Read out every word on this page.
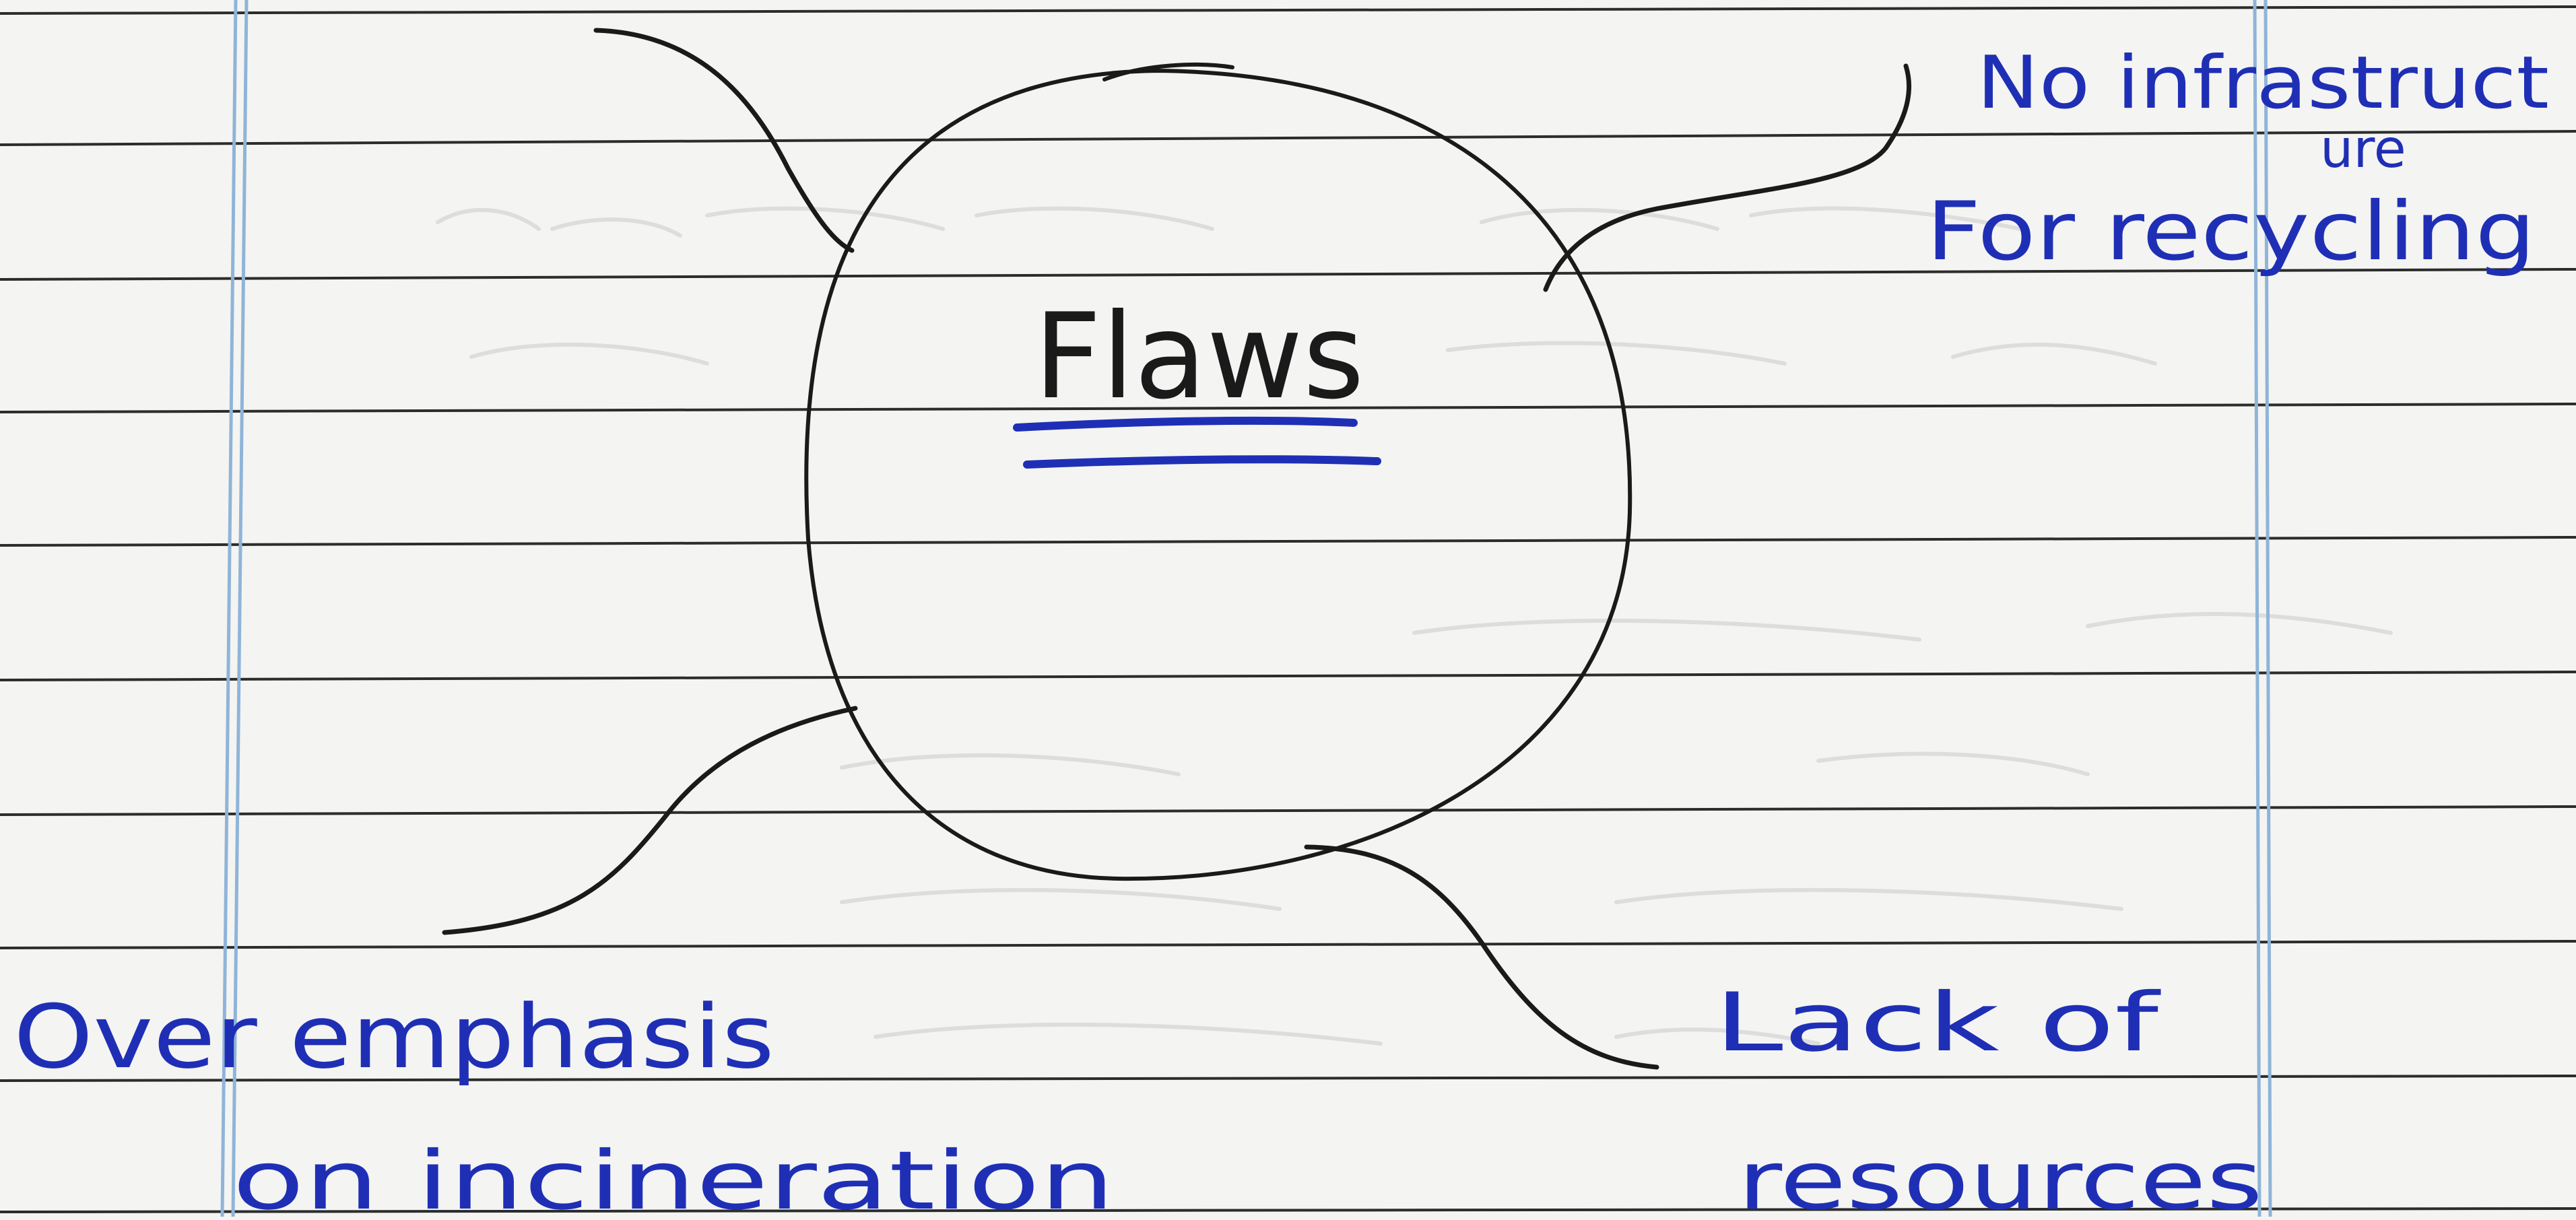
Flaws
No infrastruct
ure
For recycling
Over emphasis
on incineration
Lack of
resources
